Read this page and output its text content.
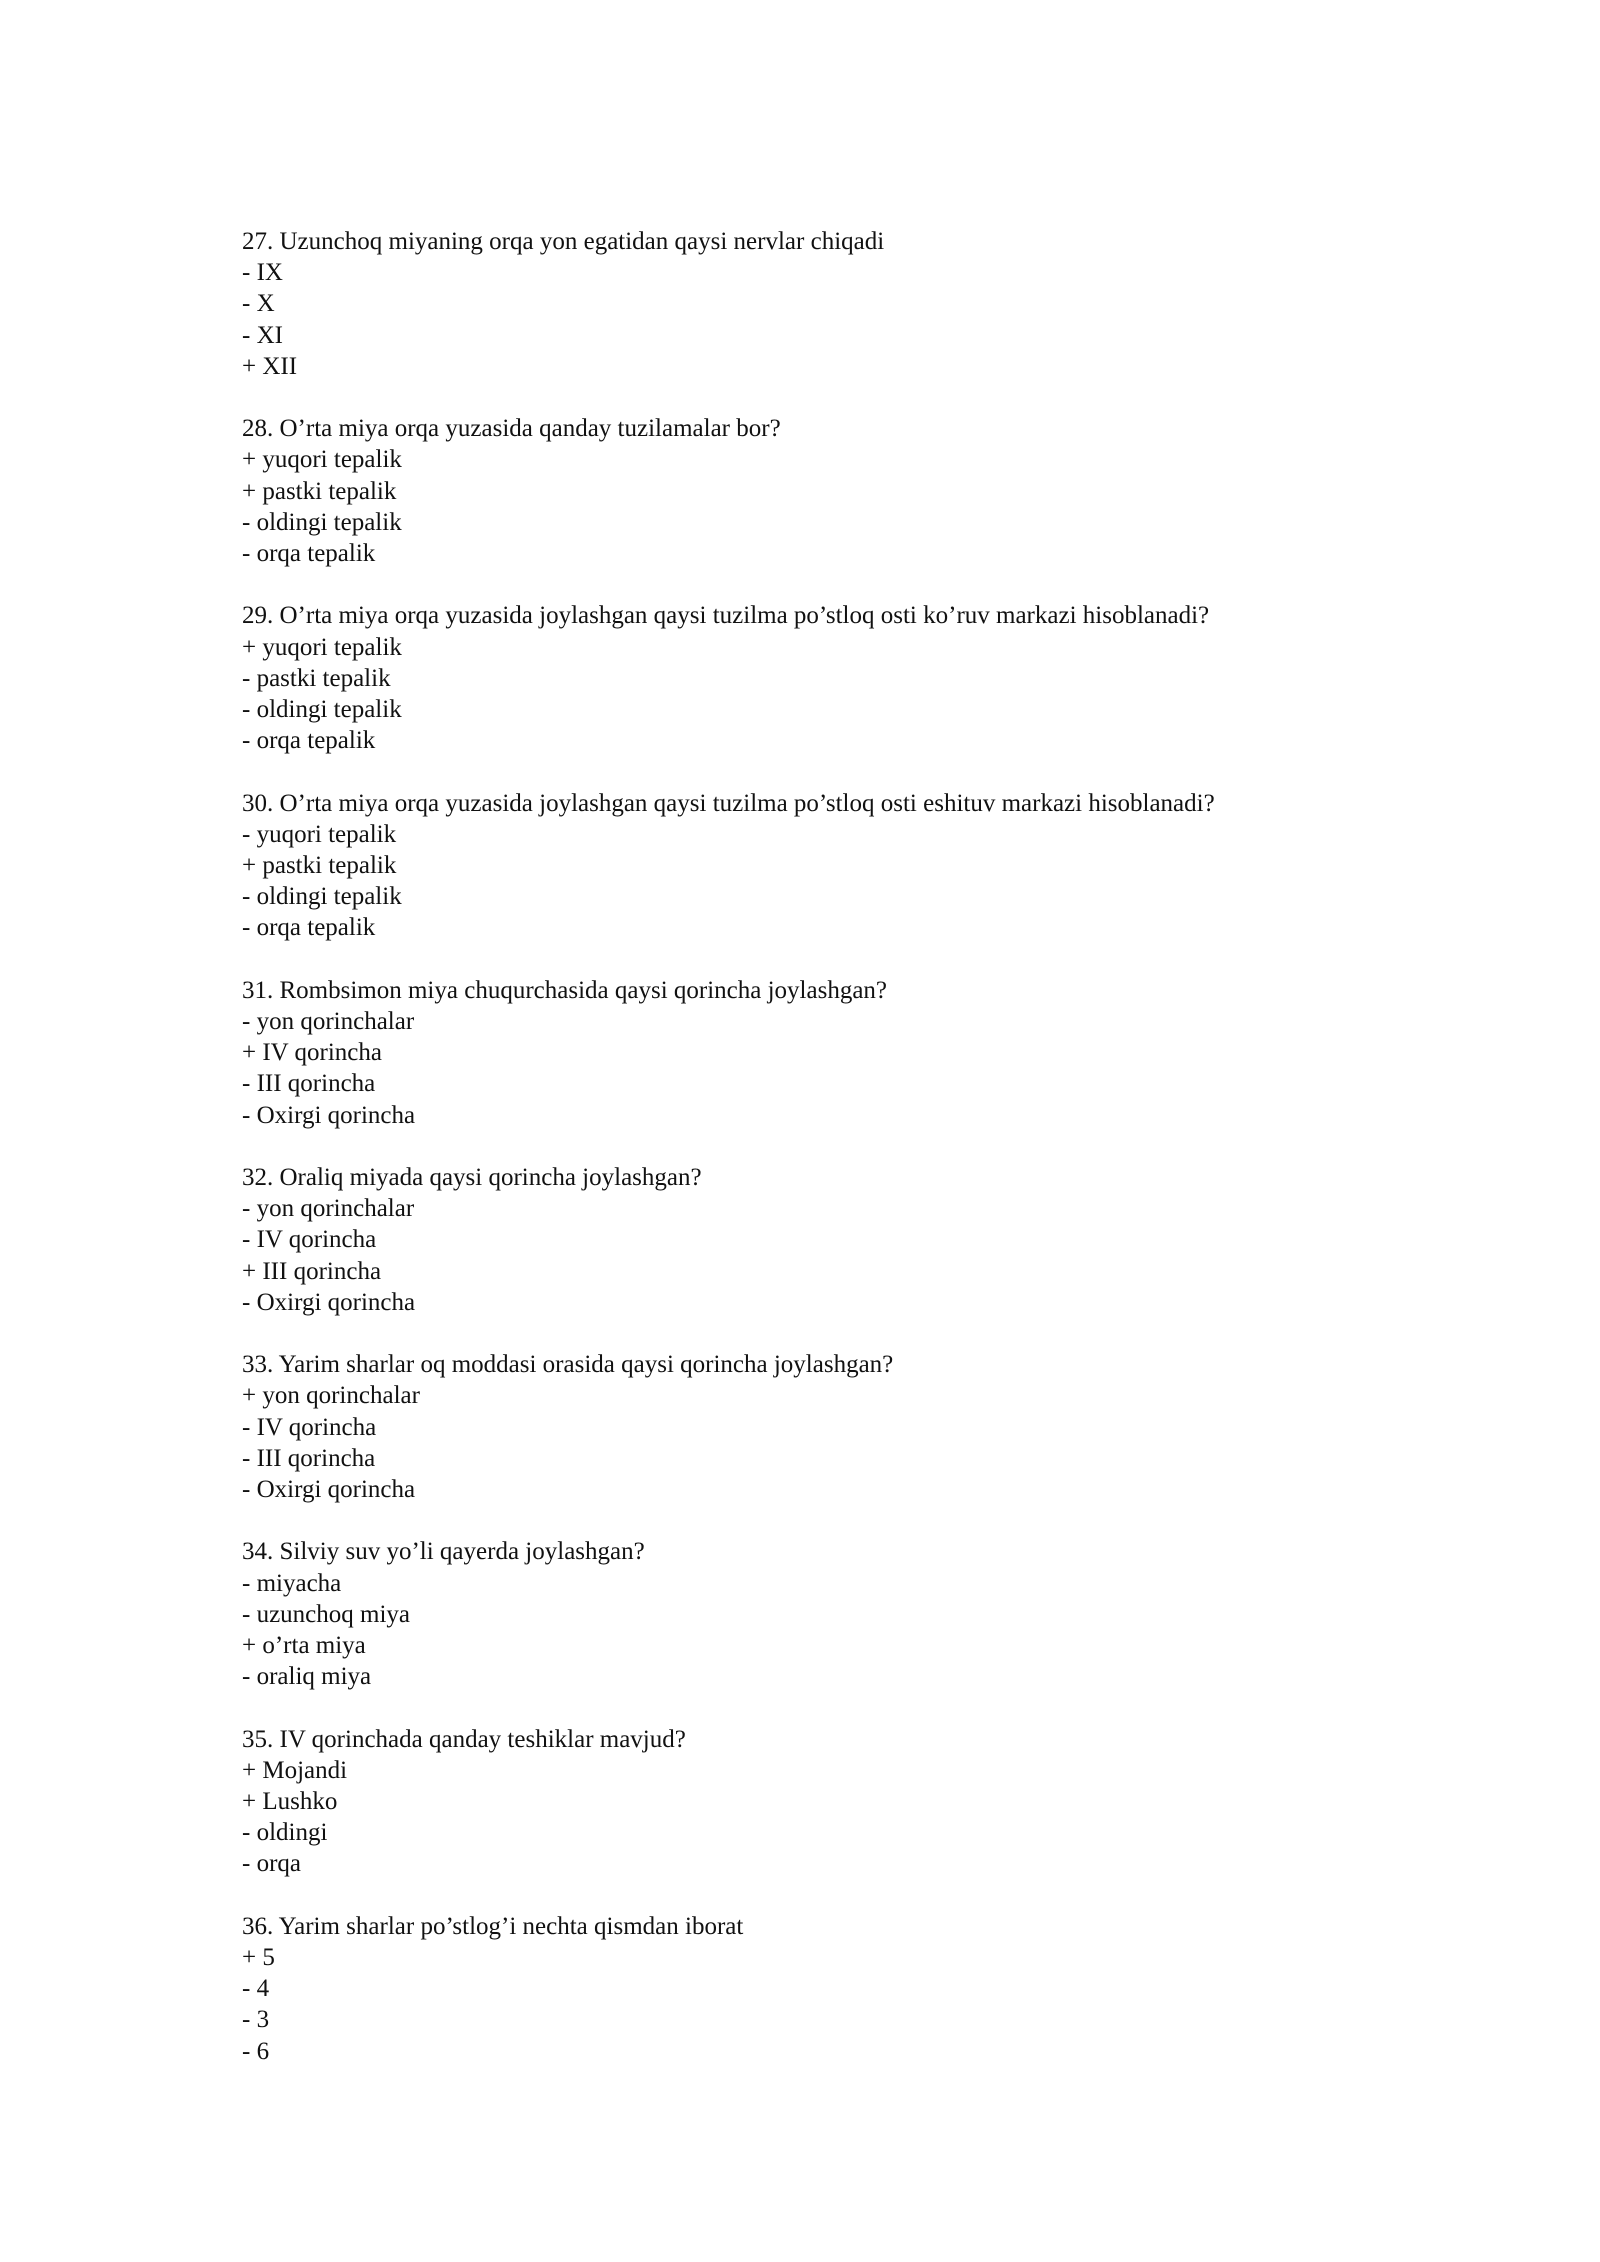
27. Uzunchoq miyaning orqa yon egatidan qaysi nervlar chiqadi
- IX
- X
- XI
+ XII
28. O’rta miya orqa yuzasida qanday tuzilamalar bor?
+ yuqori tepalik
+ pastki tepalik
- oldingi tepalik
- orqa tepalik
29. O’rta miya orqa yuzasida joylashgan qaysi tuzilma po’stloq osti ko’ruv markazi hisoblanadi?
+ yuqori tepalik
- pastki tepalik
- oldingi tepalik
- orqa tepalik
30. O’rta miya orqa yuzasida joylashgan qaysi tuzilma po’stloq osti eshituv markazi hisoblanadi?
- yuqori tepalik
+ pastki tepalik
- oldingi tepalik
- orqa tepalik
31. Rombsimon miya chuqurchasida qaysi qorincha joylashgan?
- yon qorinchalar
+ IV qorincha
- III qorincha
- Oxirgi qorincha
32. Oraliq miyada qaysi qorincha joylashgan?
- yon qorinchalar
- IV qorincha
+ III qorincha
- Oxirgi qorincha
33. Yarim sharlar oq moddasi orasida qaysi qorincha joylashgan?
+ yon qorinchalar
- IV qorincha
- III qorincha
- Oxirgi qorincha
34. Silviy suv yo’li qayerda joylashgan?
- miyacha
- uzunchoq miya
+ o’rta miya
- oraliq miya
35. IV qorinchada qanday teshiklar mavjud?
+ Mojandi
+ Lushko
- oldingi
- orqa
36. Yarim sharlar po’stlog’i nechta qismdan iborat
+ 5
- 4
- 3
- 6
